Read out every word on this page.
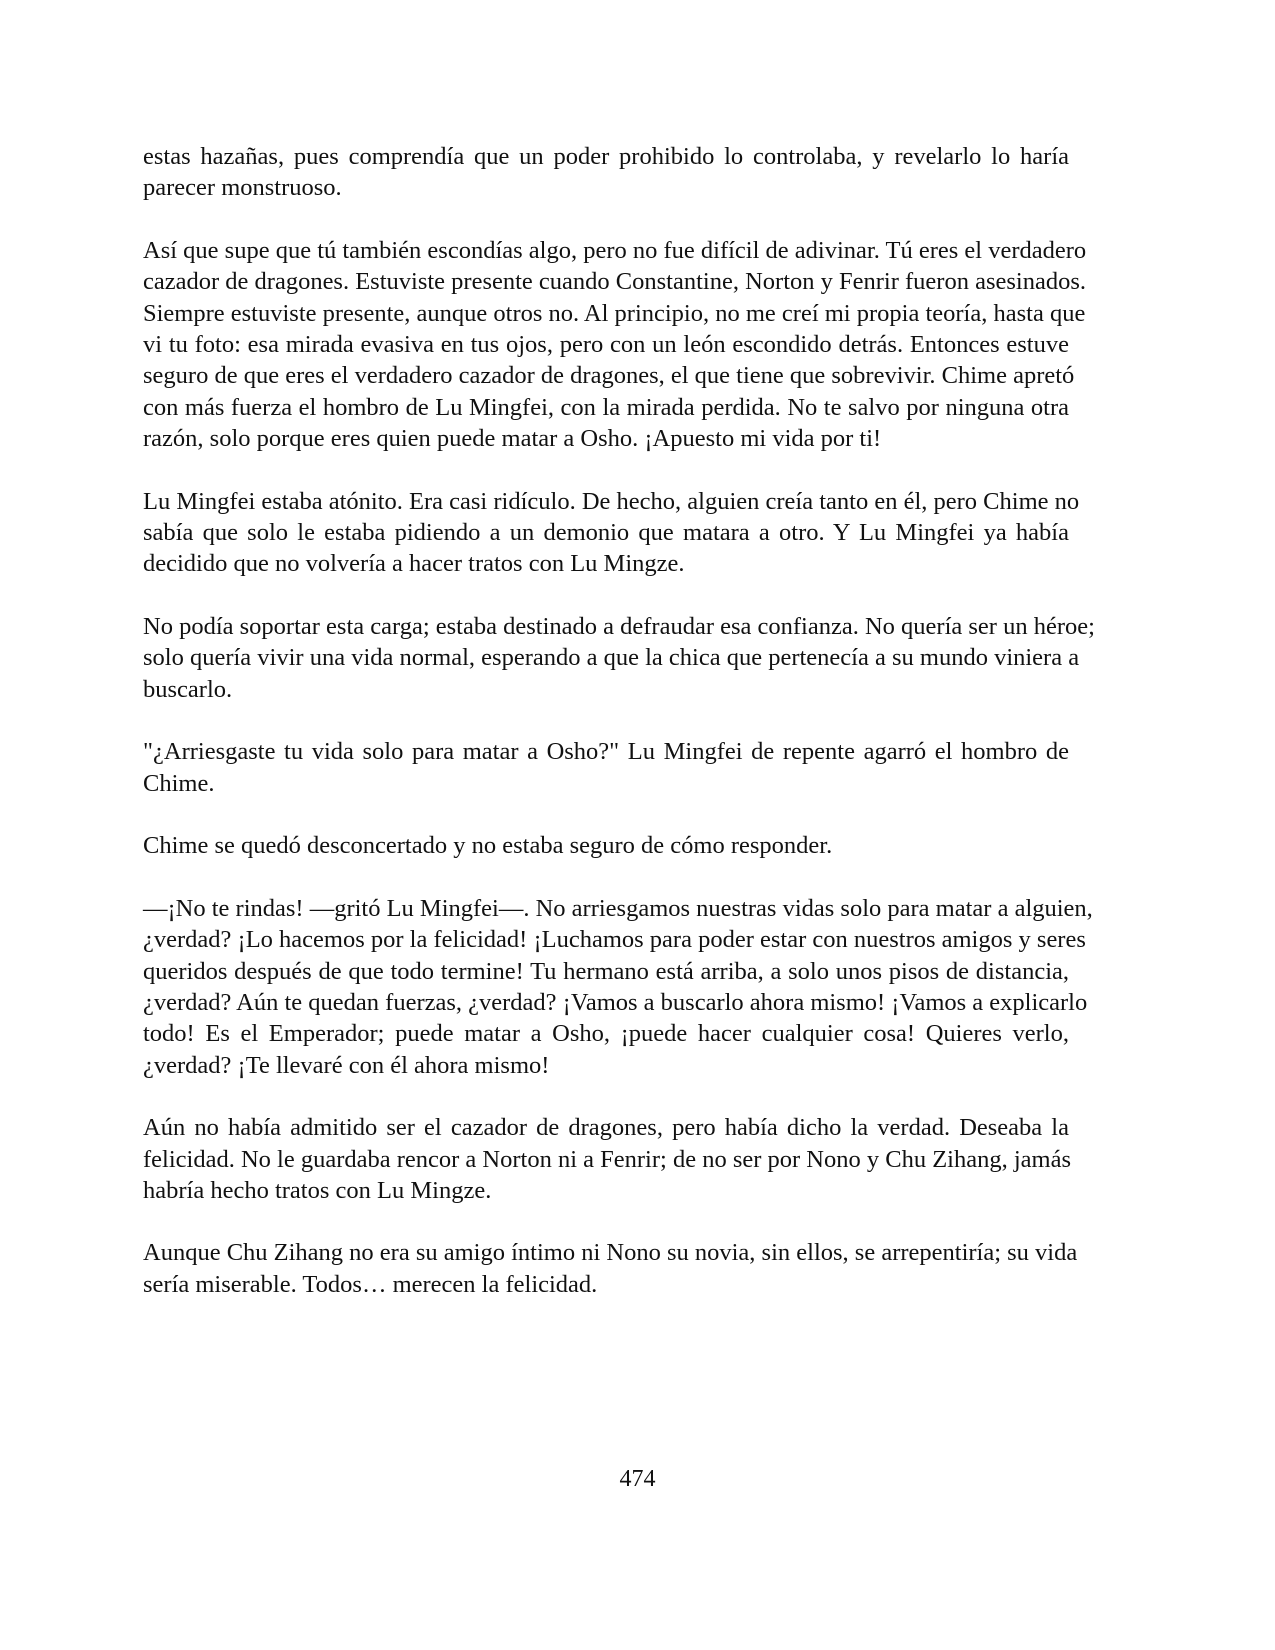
estas hazañas, pues comprendía que un poder prohibido lo controlaba, y revelarlo lo haría
parecer monstruoso.
Así que supe que tú también escondías algo, pero no fue difícil de adivinar. Tú eres el verdadero
cazador de dragones. Estuviste presente cuando Constantine, Norton y Fenrir fueron asesinados.
Siempre estuviste presente, aunque otros no. Al principio, no me creí mi propia teoría, hasta que
vi tu foto: esa mirada evasiva en tus ojos, pero con un león escondido detrás. Entonces estuve
seguro de que eres el verdadero cazador de dragones, el que tiene que sobrevivir. Chime apretó
con más fuerza el hombro de Lu Mingfei, con la mirada perdida. No te salvo por ninguna otra
razón, solo porque eres quien puede matar a Osho. ¡Apuesto mi vida por ti!
Lu Mingfei estaba atónito. Era casi ridículo. De hecho, alguien creía tanto en él, pero Chime no
sabía que solo le estaba pidiendo a un demonio que matara a otro. Y Lu Mingfei ya había
decidido que no volvería a hacer tratos con Lu Mingze.
No podía soportar esta carga; estaba destinado a defraudar esa confianza. No quería ser un héroe;
solo quería vivir una vida normal, esperando a que la chica que pertenecía a su mundo viniera a
buscarlo.
"¿Arriesgaste tu vida solo para matar a Osho?" Lu Mingfei de repente agarró el hombro de
Chime.
Chime se quedó desconcertado y no estaba seguro de cómo responder.
—¡No te rindas! —gritó Lu Mingfei—. No arriesgamos nuestras vidas solo para matar a alguien,
¿verdad? ¡Lo hacemos por la felicidad! ¡Luchamos para poder estar con nuestros amigos y seres
queridos después de que todo termine! Tu hermano está arriba, a solo unos pisos de distancia,
¿verdad? Aún te quedan fuerzas, ¿verdad? ¡Vamos a buscarlo ahora mismo! ¡Vamos a explicarlo
todo! Es el Emperador; puede matar a Osho, ¡puede hacer cualquier cosa! Quieres verlo,
¿verdad? ¡Te llevaré con él ahora mismo!
Aún no había admitido ser el cazador de dragones, pero había dicho la verdad. Deseaba la
felicidad. No le guardaba rencor a Norton ni a Fenrir; de no ser por Nono y Chu Zihang, jamás
habría hecho tratos con Lu Mingze.
Aunque Chu Zihang no era su amigo íntimo ni Nono su novia, sin ellos, se arrepentiría; su vida
sería miserable. Todos… merecen la felicidad.
474
